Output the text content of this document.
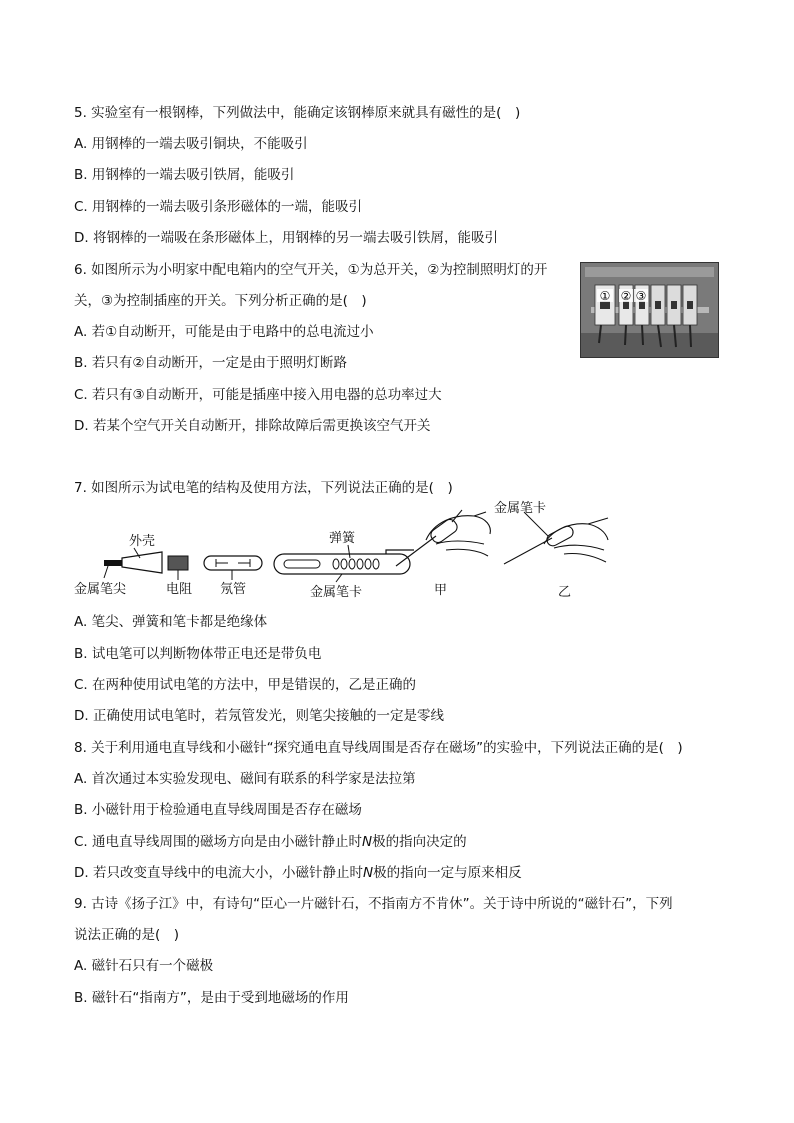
5. 实验室有一根钢棒，下列做法中，能确定该钢棒原来就具有磁性的是(　)
A. 用钢棒的一端去吸引铜块，不能吸引
B. 用钢棒的一端去吸引铁屑，能吸引
C. 用钢棒的一端去吸引条形磁体的一端，能吸引
D. 将钢棒的一端吸在条形磁体上，用钢棒的另一端去吸引铁屑，能吸引
6. 如图所示为小明家中配电箱内的空气开关，①为总开关，②为控制照明灯的开
关，③为控制插座的开关。下列分析正确的是(　)
A. 若①自动断开，可能是由于电路中的总电流过小
B. 若只有②自动断开，一定是由于照明灯断路
C. 若只有③自动断开，可能是插座中接入用电器的总功率过大
D. 若某个空气开关自动断开，排除故障后需更换该空气开关
① ② ③
7. 如图所示为试电笔的结构及使用方法，下列说法正确的是(　)
外壳
金属笔尖	电阻 氖管
弹簧
金属笔卡	甲
金属笔卡
乙
A. 笔尖、弹簧和笔卡都是绝缘体
B. 试电笔可以判断物体带正电还是带负电
C. 在两种使用试电笔的方法中，甲是错误的，乙是正确的
D. 正确使用试电笔时，若氖管发光，则笔尖接触的一定是零线
8. 关于利用通电直导线和小磁针“探究通电直导线周围是否存在磁场”的实验中，下列说法正确的是(　)
A. 首次通过本实验发现电、磁间有联系的科学家是法拉第
B. 小磁针用于检验通电直导线周围是否存在磁场
C. 通电直导线周围的磁场方向是由小磁针静止时N极的指向决定的
D. 若只改变直导线中的电流大小，小磁针静止时N极的指向一定与原来相反
9. 古诗《扬子江》中，有诗句“臣心一片磁针石，不指南方不肯休”。关于诗中所说的“磁针石”，下列
说法正确的是(　)
A. 磁针石只有一个磁极
B. 磁针石“指南方”，是由于受到地磁场的作用
